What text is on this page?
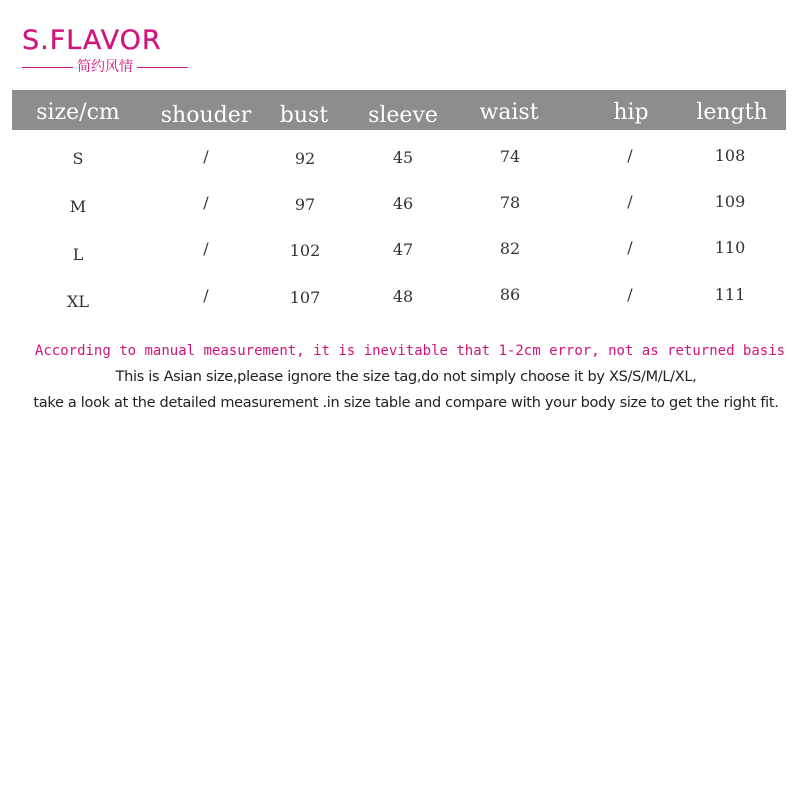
S.FLAVOR
简约风情
size/cm	shouder	bust	sleeve	waist	hip	length
S	/	92	45	74	/	108
M	/	97	46	78	/	109
L	/	102	47	82	/	110
XL	/	107	48	86	/	111
According to manual measurement, it is inevitable that 1-2cm error, not as returned basis
This is Asian size,please ignore the size tag,do not simply choose it by XS/S/M/L/XL,
take a look at the detailed measurement .in size table and compare with your body size to get the right fit.
